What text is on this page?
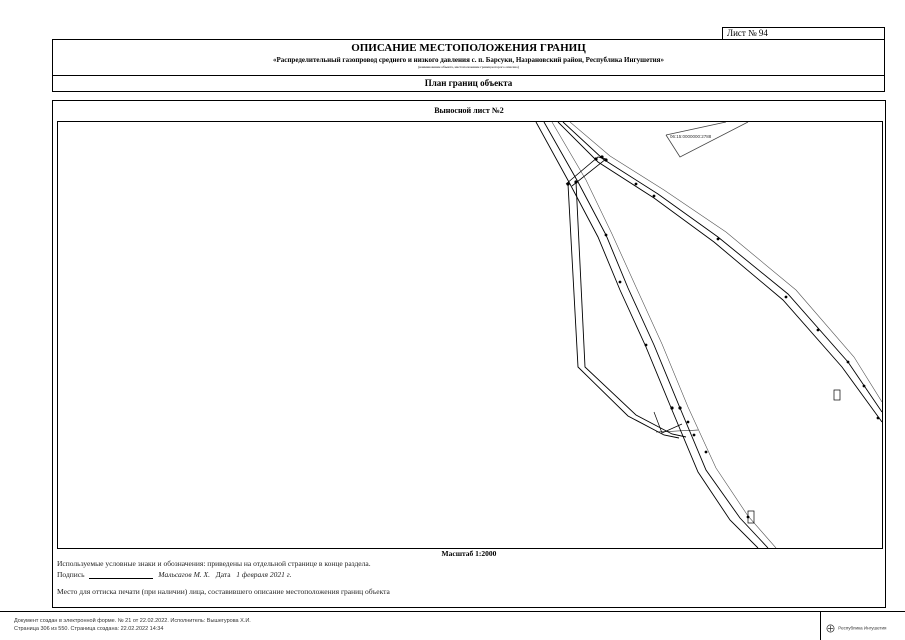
Лист № 94
ОПИСАНИЕ МЕСТОПОЛОЖЕНИЯ ГРАНИЦ
«Распределительный газопровод среднего и низкого давления с. п. Барсуки, Назрановский район, Республика Ингушетия»
(наименование объекта, местоположение границ которого описано)
План границ объекта
Выносной лист №2
06:15:0000000:2788
Масштаб 1:2000
Используемые условные знаки и обозначения: приведены на отдельной странице в конце раздела.
Подпись	Мальсагов М. Х. Дата 1 февраля 2021 г.
Место для оттиска печати (при наличии) лица, составившего описание местоположения границ объекта
Документ создан в электронной форме. № 21 от 22.02.2022. Исполнитель: Вышегурова Х.И.
Страница 306 из 550. Страница создана: 22.02.2022 14:34	Республика Ингушетия
